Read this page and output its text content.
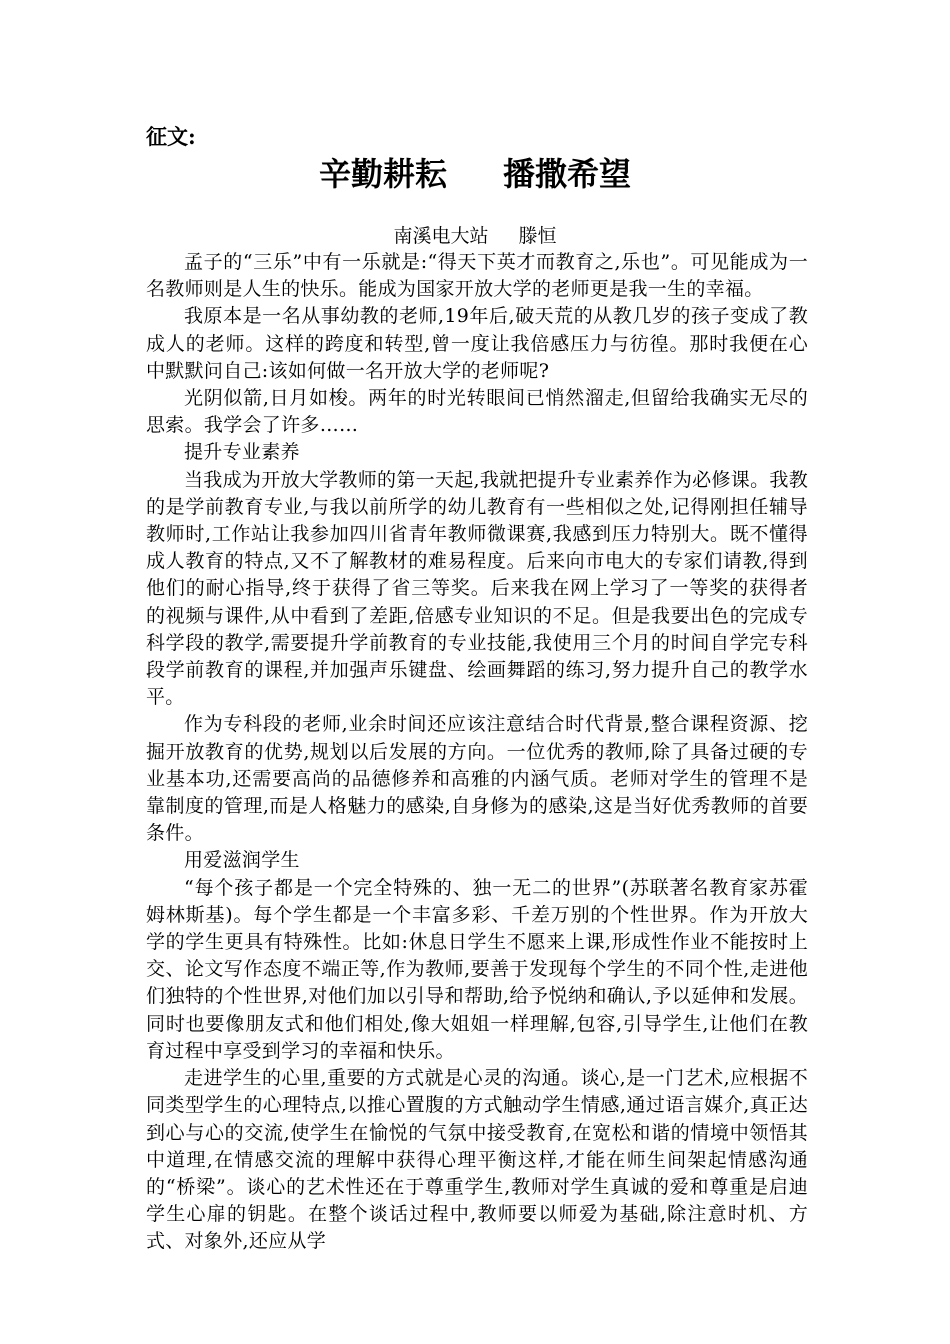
征文:
辛勤耕耘 播撒希望
南溪电大站 滕恒

孟子的“三乐”中有一乐就是:“得天下英才而教育之,乐也”。可见能成为一名教师则是人生的快乐。能成为国家开放大学的老师更是我一生的幸福。

我原本是一名从事幼教的老师,19年后,破天荒的从教几岁的孩子变成了教成人的老师。这样的跨度和转型,曾一度让我倍感压力与彷徨。那时我便在心中默默问自己:该如何做一名开放大学的老师呢?

光阴似箭,日月如梭。两年的时光转眼间已悄然溜走,但留给我确实无尽的思索。我学会了许多……

提升专业素养

当我成为开放大学教师的第一天起,我就把提升专业素养作为必修课。我教的是学前教育专业,与我以前所学的幼儿教育有一些相似之处,记得刚担任辅导教师时,工作站让我参加四川省青年教师微课赛,我感到压力特别大。既不懂得成人教育的特点,又不了解教材的难易程度。后来向市电大的专家们请教,得到他们的耐心指导,终于获得了省三等奖。后来我在网上学习了一等奖的获得者的视频与课件,从中看到了差距,倍感专业知识的不足。但是我要出色的完成专科学段的教学,需要提升学前教育的专业技能,我使用三个月的时间自学完专科段学前教育的课程,并加强声乐键盘、绘画舞蹈的练习,努力提升自己的教学水平。

作为专科段的老师,业余时间还应该注意结合时代背景,整合课程资源、挖掘开放教育的优势,规划以后发展的方向。一位优秀的教师,除了具备过硬的专业基本功,还需要高尚的品德修养和高雅的内涵气质。老师对学生的管理不是靠制度的管理,而是人格魅力的感染,自身修为的感染,这是当好优秀教师的首要条件。

用爱滋润学生

“每个孩子都是一个完全特殊的、独一无二的世界”(苏联著名教育家苏霍姆林斯基)。每个学生都是一个丰富多彩、千差万别的个性世界。作为开放大学的学生更具有特殊性。比如:休息日学生不愿来上课,形成性作业不能按时上交、论文写作态度不端正等,作为教师,要善于发现每个学生的不同个性,走进他们独特的个性世界,对他们加以引导和帮助,给予悦纳和确认,予以延伸和发展。同时也要像朋友式和他们相处,像大姐姐一样理解,包容,引导学生,让他们在教育过程中享受到学习的幸福和快乐。

走进学生的心里,重要的方式就是心灵的沟通。谈心,是一门艺术,应根据不同类型学生的心理特点,以推心置腹的方式触动学生情感,通过语言媒介,真正达到心与心的交流,使学生在愉悦的气氛中接受教育,在宽松和谐的情境中领悟其中道理,在情感交流的理解中获得心理平衡这样,才能在师生间架起情感沟通的“桥梁”。谈心的艺术性还在于尊重学生,教师对学生真诚的爱和尊重是启迪学生心扉的钥匙。在整个谈话过程中,教师要以师爱为基础,除注意时机、方式、对象外,还应从学
